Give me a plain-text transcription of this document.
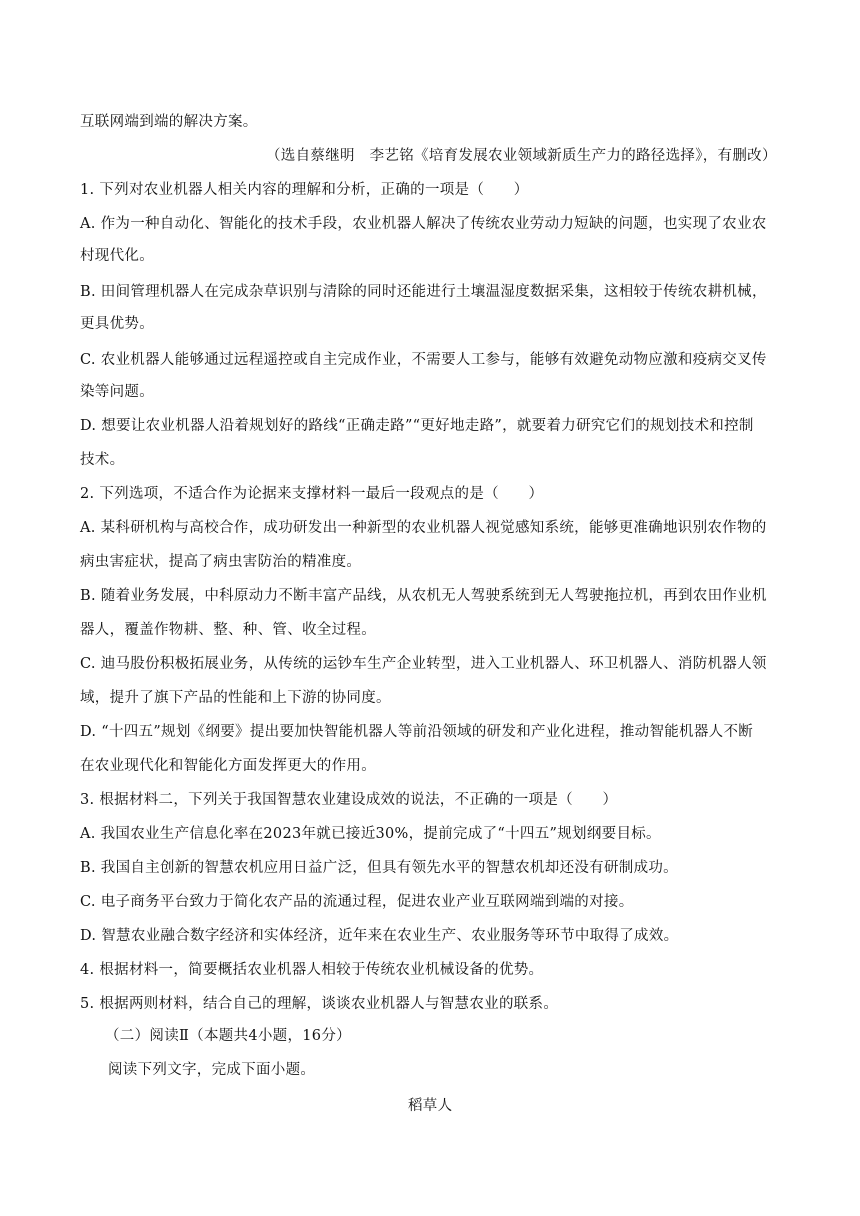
互联网端到端的解决方案。
（选自蔡继明　李艺铭《培育发展农业领域新质生产力的路径选择》，有删改）
1. 下列对农业机器人相关内容的理解和分析，正确的一项是（　　）
A. 作为一种自动化、智能化的技术手段，农业机器人解决了传统农业劳动力短缺的问题，也实现了农业农
村现代化。
B. 田间管理机器人在完成杂草识别与清除的同时还能进行土壤温湿度数据采集，这相较于传统农耕机械，
更具优势。
C. 农业机器人能够通过远程遥控或自主完成作业，不需要人工参与，能够有效避免动物应激和疫病交叉传
染等问题。
D. 想要让农业机器人沿着规划好的路线“正确走路”“更好地走路”，就要着力研究它们的规划技术和控制
技术。
2. 下列选项，不适合作为论据来支撑材料一最后一段观点的是（　　）
A. 某科研机构与高校合作，成功研发出一种新型的农业机器人视觉感知系统，能够更准确地识别农作物的
病虫害症状，提高了病虫害防治的精准度。
B. 随着业务发展，中科原动力不断丰富产品线，从农机无人驾驶系统到无人驾驶拖拉机，再到农田作业机
器人，覆盖作物耕、整、种、管、收全过程。
C. 迪马股份积极拓展业务，从传统的运钞车生产企业转型，进入工业机器人、环卫机器人、消防机器人领
域，提升了旗下产品的性能和上下游的协同度。
D. “十四五”规划《纲要》提出要加快智能机器人等前沿领域的研发和产业化进程，推动智能机器人不断
在农业现代化和智能化方面发挥更大的作用。
3. 根据材料二，下列关于我国智慧农业建设成效的说法，不正确的一项是（　　）
A. 我国农业生产信息化率在2023年就已接近30%，提前完成了“十四五”规划纲要目标。
B. 我国自主创新的智慧农机应用日益广泛，但具有领先水平的智慧农机却还没有研制成功。
C. 电子商务平台致力于简化农产品的流通过程，促进农业产业互联网端到端的对接。
D. 智慧农业融合数字经济和实体经济，近年来在农业生产、农业服务等环节中取得了成效。
4. 根据材料一，简要概括农业机器人相较于传统农业机械设备的优势。
5. 根据两则材料，结合自己的理解，谈谈农业机器人与智慧农业的联系。
（二）阅读Ⅱ（本题共4小题，16分）
阅读下列文字，完成下面小题。
稻草人
